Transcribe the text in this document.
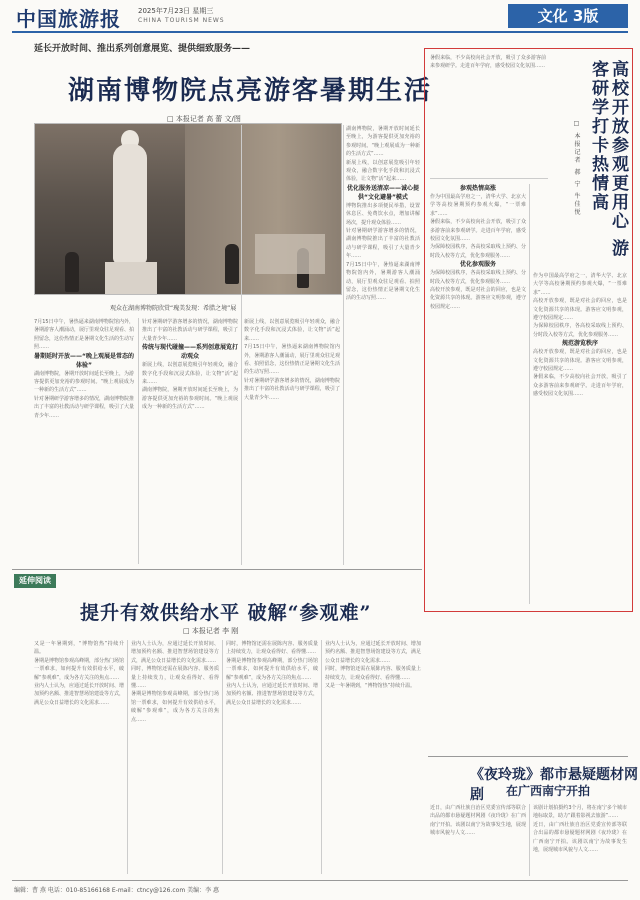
中国旅游报 2025年7月23日 星期三
CHINA TOURISM NEWS	文化 3版
延长开放时间、推出系列创意展览、提供细致服务——
湖南博物院点亮游客暑期生活
□ 本报记者 高 蕾 文/图
观众在湖南博物院欣赏“瑰美发现：希腊之境”展
7月15日中午，暑热逼来湖南博物院馆内外，暑期游客人潮涌动，展厅里观众驻足观看、拍照留念，这份热情正是暑期文化生活的生动写照……
暑期延时开放——“晚上观展是常态的体验”
湖南博物院，暑期开放时间延长至晚上，为游客提供更加充裕的参观时间。“晚上观展成为一种新的生活方式”……
针对暑期研学游客增多的情况，湖南博物院推出了丰富的社教活动与研学课程，吸引了大量青少年……
针对暑期研学游客增多的情况，湖南博物院推出了丰富的社教活动与研学课程，吸引了大量青少年……
传统与现代碰撞——系列创意展览打动观众
新展上线，以创意展览吸引年轻观众，融合数字化手段和沉浸式体验，让文物“活”起来……
湖南博物院，暑期开放时间延长至晚上，为游客提供更加充裕的参观时间。“晚上观展成为一种新的生活方式”……
新展上线，以创意展览吸引年轻观众，融合数字化手段和沉浸式体验，让文物“活”起来……
7月15日中午，暑热逼来湖南博物院馆内外，暑期游客人潮涌动，展厅里观众驻足观看、拍照留念，这份热情正是暑期文化生活的生动写照……
针对暑期研学游客增多的情况，湖南博物院推出了丰富的社教活动与研学课程，吸引了大量青少年……
湖南博物院，暑期开放时间延长至晚上，为游客提供更加充裕的参观时间。“晚上观展成为一种新的生活方式”……
新展上线，以创意展览吸引年轻观众，融合数字化手段和沉浸式体验，让文物“活”起来……
优化服务送清凉——诚心提供“文化避暑”模式
博物院推出多项便民举措，设置休息区、免费饮水点，增加讲解场次，提升观众体验……
针对暑期研学游客增多的情况，湖南博物院推出了丰富的社教活动与研学课程，吸引了大量青少年……
7月15日中午，暑热逼来湖南博物院馆内外，暑期游客人潮涌动，展厅里观众驻足观看、拍照留念，这份热情正是暑期文化生活的生动写照……
暑假来临，不少高校向社会开放，吸引了众多游客前来参观研学。走进百年学府，感受校园文化氛围……	高校开放参观更用心 游客研学打卡热情高
□ 本报记者 郝 宁 牛佳悦
参观热情高涨
作为中国最高学府之一，清华大学、北京大学等高校暑期预约参观火爆，“一票难求”……
暑假来临，不少高校向社会开放，吸引了众多游客前来参观研学。走进百年学府，感受校园文化氛围……
为保障校园秩序，各高校采取线上预约、分时段入校等方式，优化参观服务……
优化参观服务
为保障校园秩序，各高校采取线上预约、分时段入校等方式，优化参观服务……
高校开放参观，既是对社会的回应，也是文化资源共享的体现。游客应文明参观，遵守校园规定……
作为中国最高学府之一，清华大学、北京大学等高校暑期预约参观火爆，“一票难求”……
高校开放参观，既是对社会的回应，也是文化资源共享的体现。游客应文明参观，遵守校园规定……
为保障校园秩序，各高校采取线上预约、分时段入校等方式，优化参观服务……
规范游览秩序
高校开放参观，既是对社会的回应，也是文化资源共享的体现。游客应文明参观，遵守校园规定……
暑假来临，不少高校向社会开放，吸引了众多游客前来参观研学。走进百年学府，感受校园文化氛围……
延伸阅读
提升有效供给水平 破解“参观难”
□ 本报记者 李 刚
又是一年暑期到，“博物馆热”持续升温。
暑期是博物馆参观高峰期，部分热门场馆一票难求，如何提升有效供给水平，破解“参观难”，成为各方关注的焦点……
业内人士认为，应通过延长开放时间、增加预约名额、推进智慧场馆建设等方式，满足公众日益增长的文化需求……
业内人士认为，应通过延长开放时间、增加预约名额、推进智慧场馆建设等方式，满足公众日益增长的文化需求……
同时，博物馆还需在展陈内容、服务质量上持续发力，让观众看得好、看得懂……
暑期是博物馆参观高峰期，部分热门场馆一票难求，如何提升有效供给水平，破解“参观难”，成为各方关注的焦点……
同时，博物馆还需在展陈内容、服务质量上持续发力，让观众看得好、看得懂……
暑期是博物馆参观高峰期，部分热门场馆一票难求，如何提升有效供给水平，破解“参观难”，成为各方关注的焦点……
业内人士认为，应通过延长开放时间、增加预约名额、推进智慧场馆建设等方式，满足公众日益增长的文化需求……
业内人士认为，应通过延长开放时间、增加预约名额、推进智慧场馆建设等方式，满足公众日益增长的文化需求……
同时，博物馆还需在展陈内容、服务质量上持续发力，让观众看得好、看得懂……
又是一年暑期到，“博物馆热”持续升温。
《夜玲珑》都市悬疑题材网剧	在广西南宁开拍
近日，由广西壮族自治区党委宣传部等联合出品的都市悬疑题材网剧《夜玲珑》在广西南宁开拍。该剧以南宁为故事发生地，展现城市风貌与人文……
该剧计划拍摄约3个月，将在南宁多个城市地标取景，助力“跟着影视去旅游”……
近日，由广西壮族自治区党委宣传部等联合出品的都市悬疑题材网剧《夜玲珑》在广西南宁开拍。该剧以南宁为故事发生地，展现城市风貌与人文……
编辑：曹 燕 电话：010-85166168 E-mail：ctncy@126.com 美编：李 惠
